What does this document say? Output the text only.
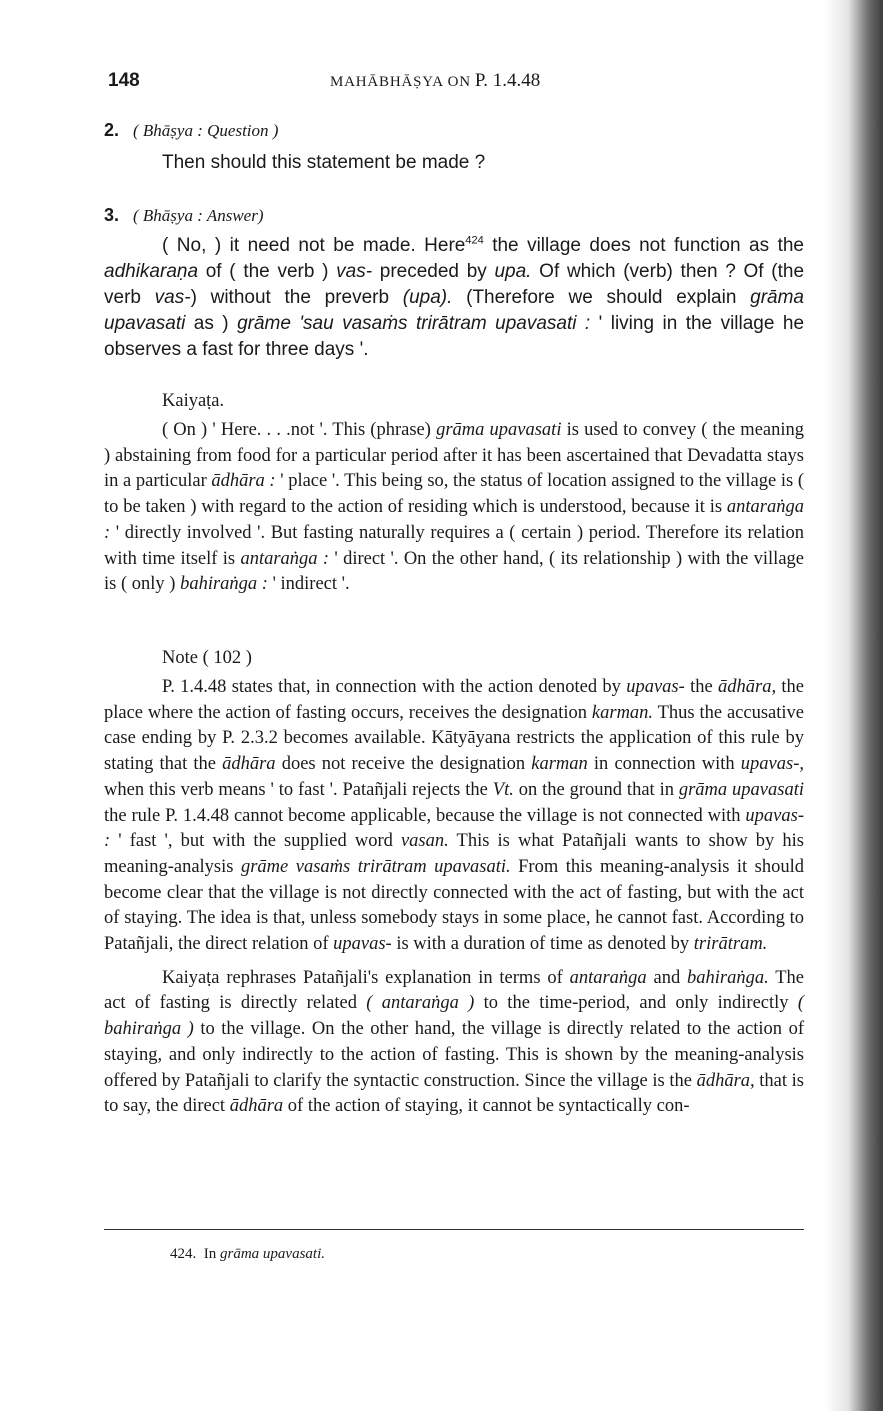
148	MAHĀBHĀṢYA ON P. 1.4.48
2. ( Bhāṣya : Question )

Then should this statement be made ?

3. ( Bhāṣya : Answer)

( No, ) it need not be made. Here$^{424}$ the village does not function as the adhikaraṇa of ( the verb ) vas- preceded by upa. Of which (verb) then ? Of (the verb vas-) without the preverb (upa). (Therefore we should explain grāma upavasati as ) grāme 'sau vasaṁs trirātram upavasati : ' living in the village he observes a fast for three days '.

Kaiyaṭa.

( On ) ' Here. . . .not '. This (phrase) grāma upavasati is used to convey ( the meaning ) abstaining from food for a particular period after it has been ascertained that Devadatta stays in a particular ādhāra : ' place '. This being so, the status of location assigned to the village is ( to be taken ) with regard to the action of residing which is understood, because it is antaraṅga : ' directly involved '. But fasting naturally requires a ( certain ) period. Therefore its relation with time itself is antaraṅga : ' direct '. On the other hand, ( its relationship ) with the village is ( only ) bahiraṅga : ' indirect '.

Note ( 102 )

P. 1.4.48 states that, in connection with the action denoted by upavas- the ādhāra, the place where the action of fasting occurs, receives the designation karman. Thus the accusative case ending by P. 2.3.2 becomes available. Kātyāyana restricts the application of this rule by stating that the ādhāra does not receive the designation karman in connection with upavas-, when this verb means ' to fast '. Patañjali rejects the Vt. on the ground that in grāma upavasati the rule P. 1.4.48 cannot become applicable, because the village is not connected with upavas- : ' fast ', but with the supplied word vasan. This is what Patañjali wants to show by his meaning-analysis grāme vasaṁs trirātram upavasati. From this meaning-analysis it should become clear that the village is not directly connected with the act of fasting, but with the act of staying. The idea is that, unless somebody stays in some place, he cannot fast. According to Patañjali, the direct relation of upavas- is with a duration of time as denoted by trirātram.

Kaiyaṭa rephrases Patañjali's explanation in terms of antaraṅga and bahiraṅga. The act of fasting is directly related ( antaraṅga ) to the time-period, and only indirectly ( bahiraṅga ) to the village. On the other hand, the village is directly related to the action of staying, and only indirectly to the action of fasting. This is shown by the meaning-analysis offered by Patañjali to clarify the syntactic construction. Since the village is the ādhāra, that is to say, the direct ādhāra of the action of staying, it cannot be syntactically con-

424. In grāma upavasati.
